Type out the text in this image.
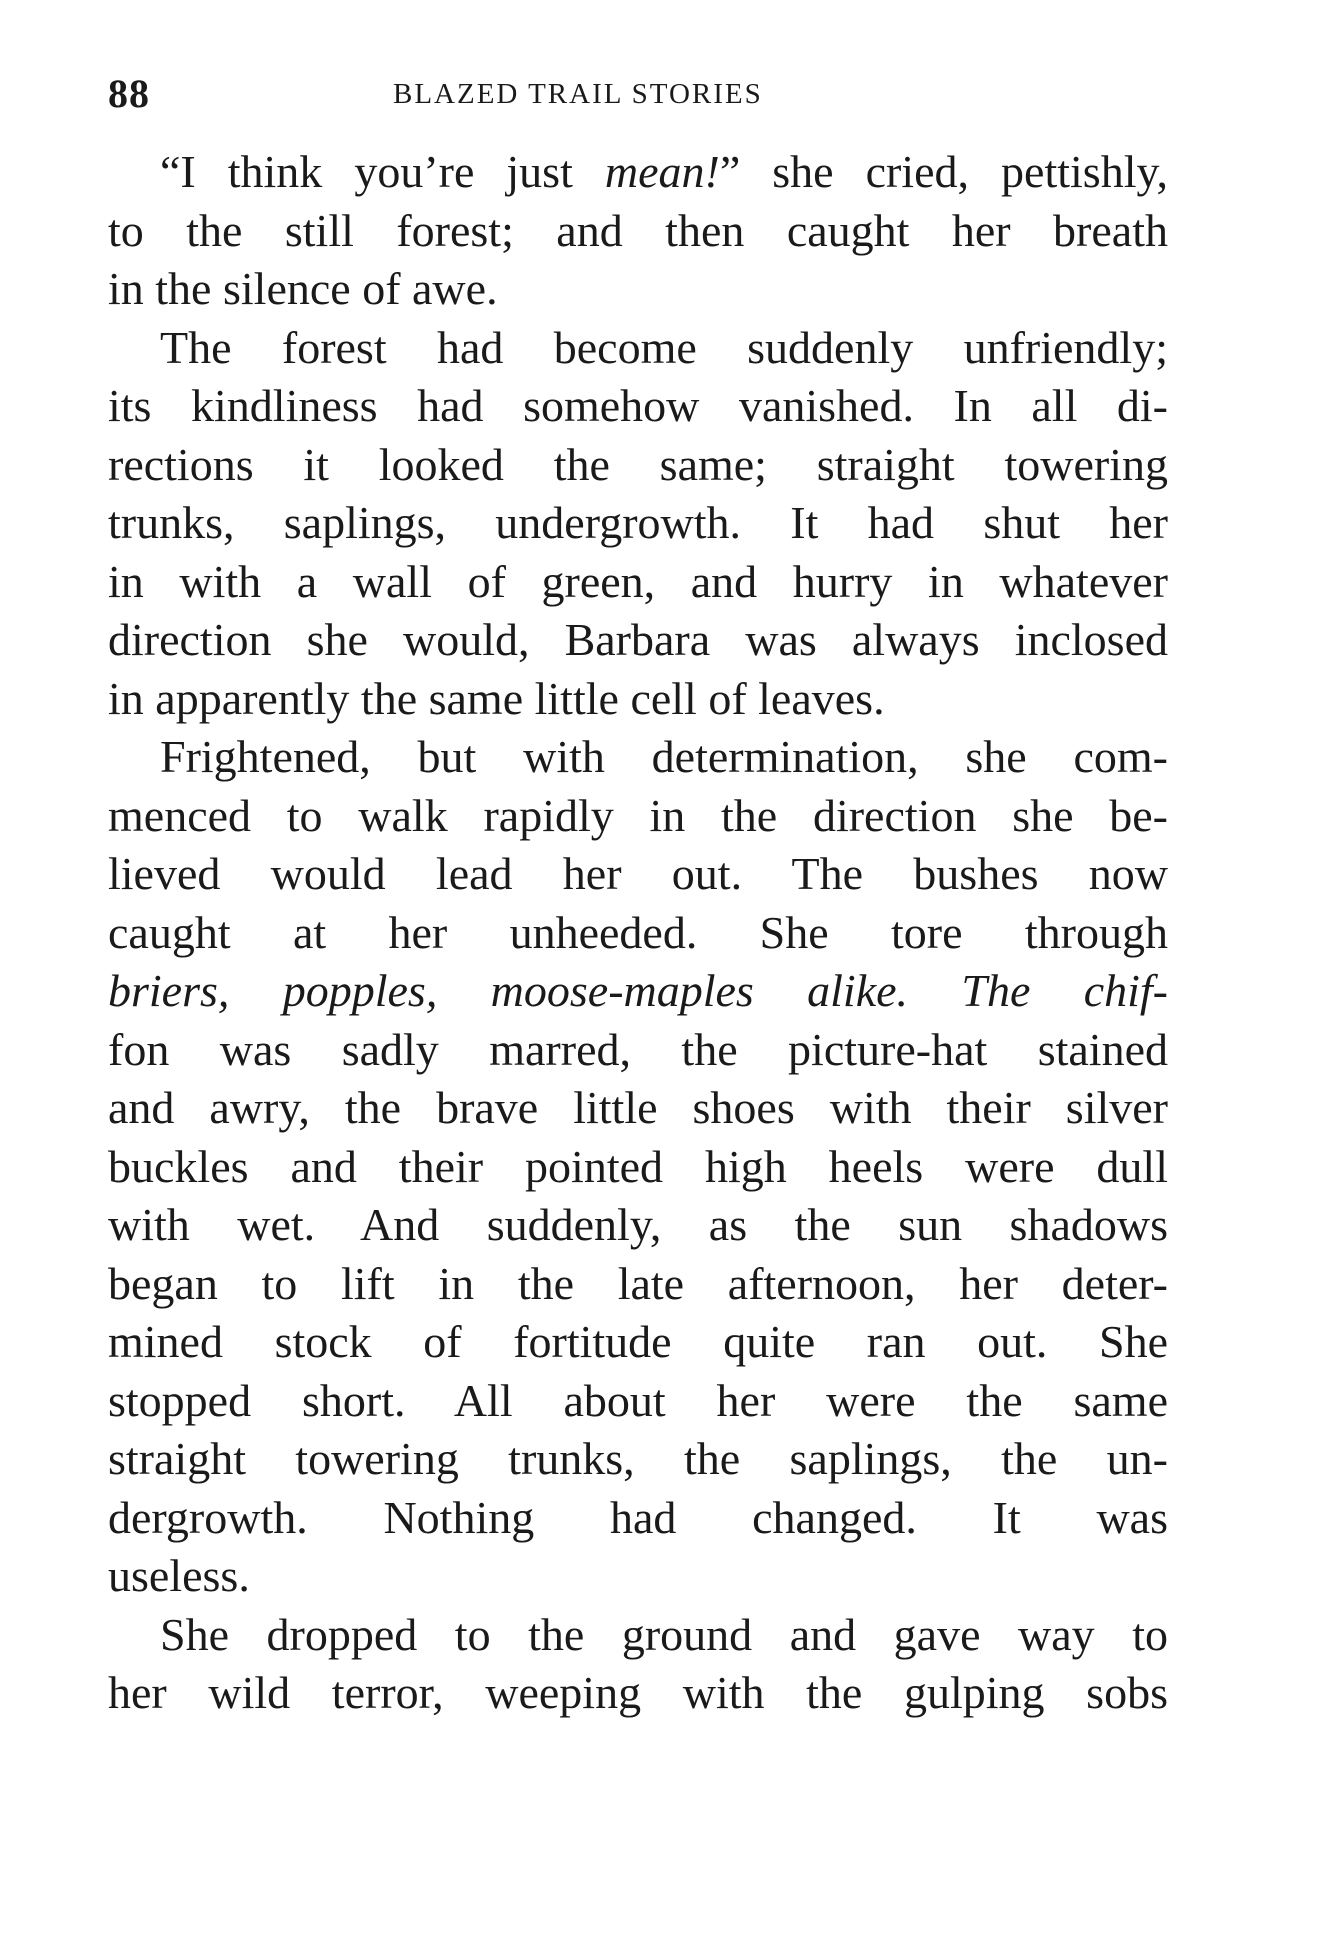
88	BLAZED TRAIL STORIES
“I think you’re just mean!” she cried, pettishly,
to the still forest; and then caught her breath
in the silence of awe.
The forest had become suddenly unfriendly;
its kindliness had somehow vanished. In all di-
rections it looked the same; straight towering
trunks, saplings, undergrowth. It had shut her
in with a wall of green, and hurry in whatever
direction she would, Barbara was always inclosed
in apparently the same little cell of leaves.
Frightened, but with determination, she com-
menced to walk rapidly in the direction she be-
lieved would lead her out. The bushes now
caught at her unheeded. She tore through
briers, popples, moose-maples alike. The chif-
fon was sadly marred, the picture-hat stained
and awry, the brave little shoes with their silver
buckles and their pointed high heels were dull
with wet. And suddenly, as the sun shadows
began to lift in the late afternoon, her deter-
mined stock of fortitude quite ran out. She
stopped short. All about her were the same
straight towering trunks, the saplings, the un-
dergrowth. Nothing had changed. It was
useless.
She dropped to the ground and gave way to
her wild terror, weeping with the gulping sobs
